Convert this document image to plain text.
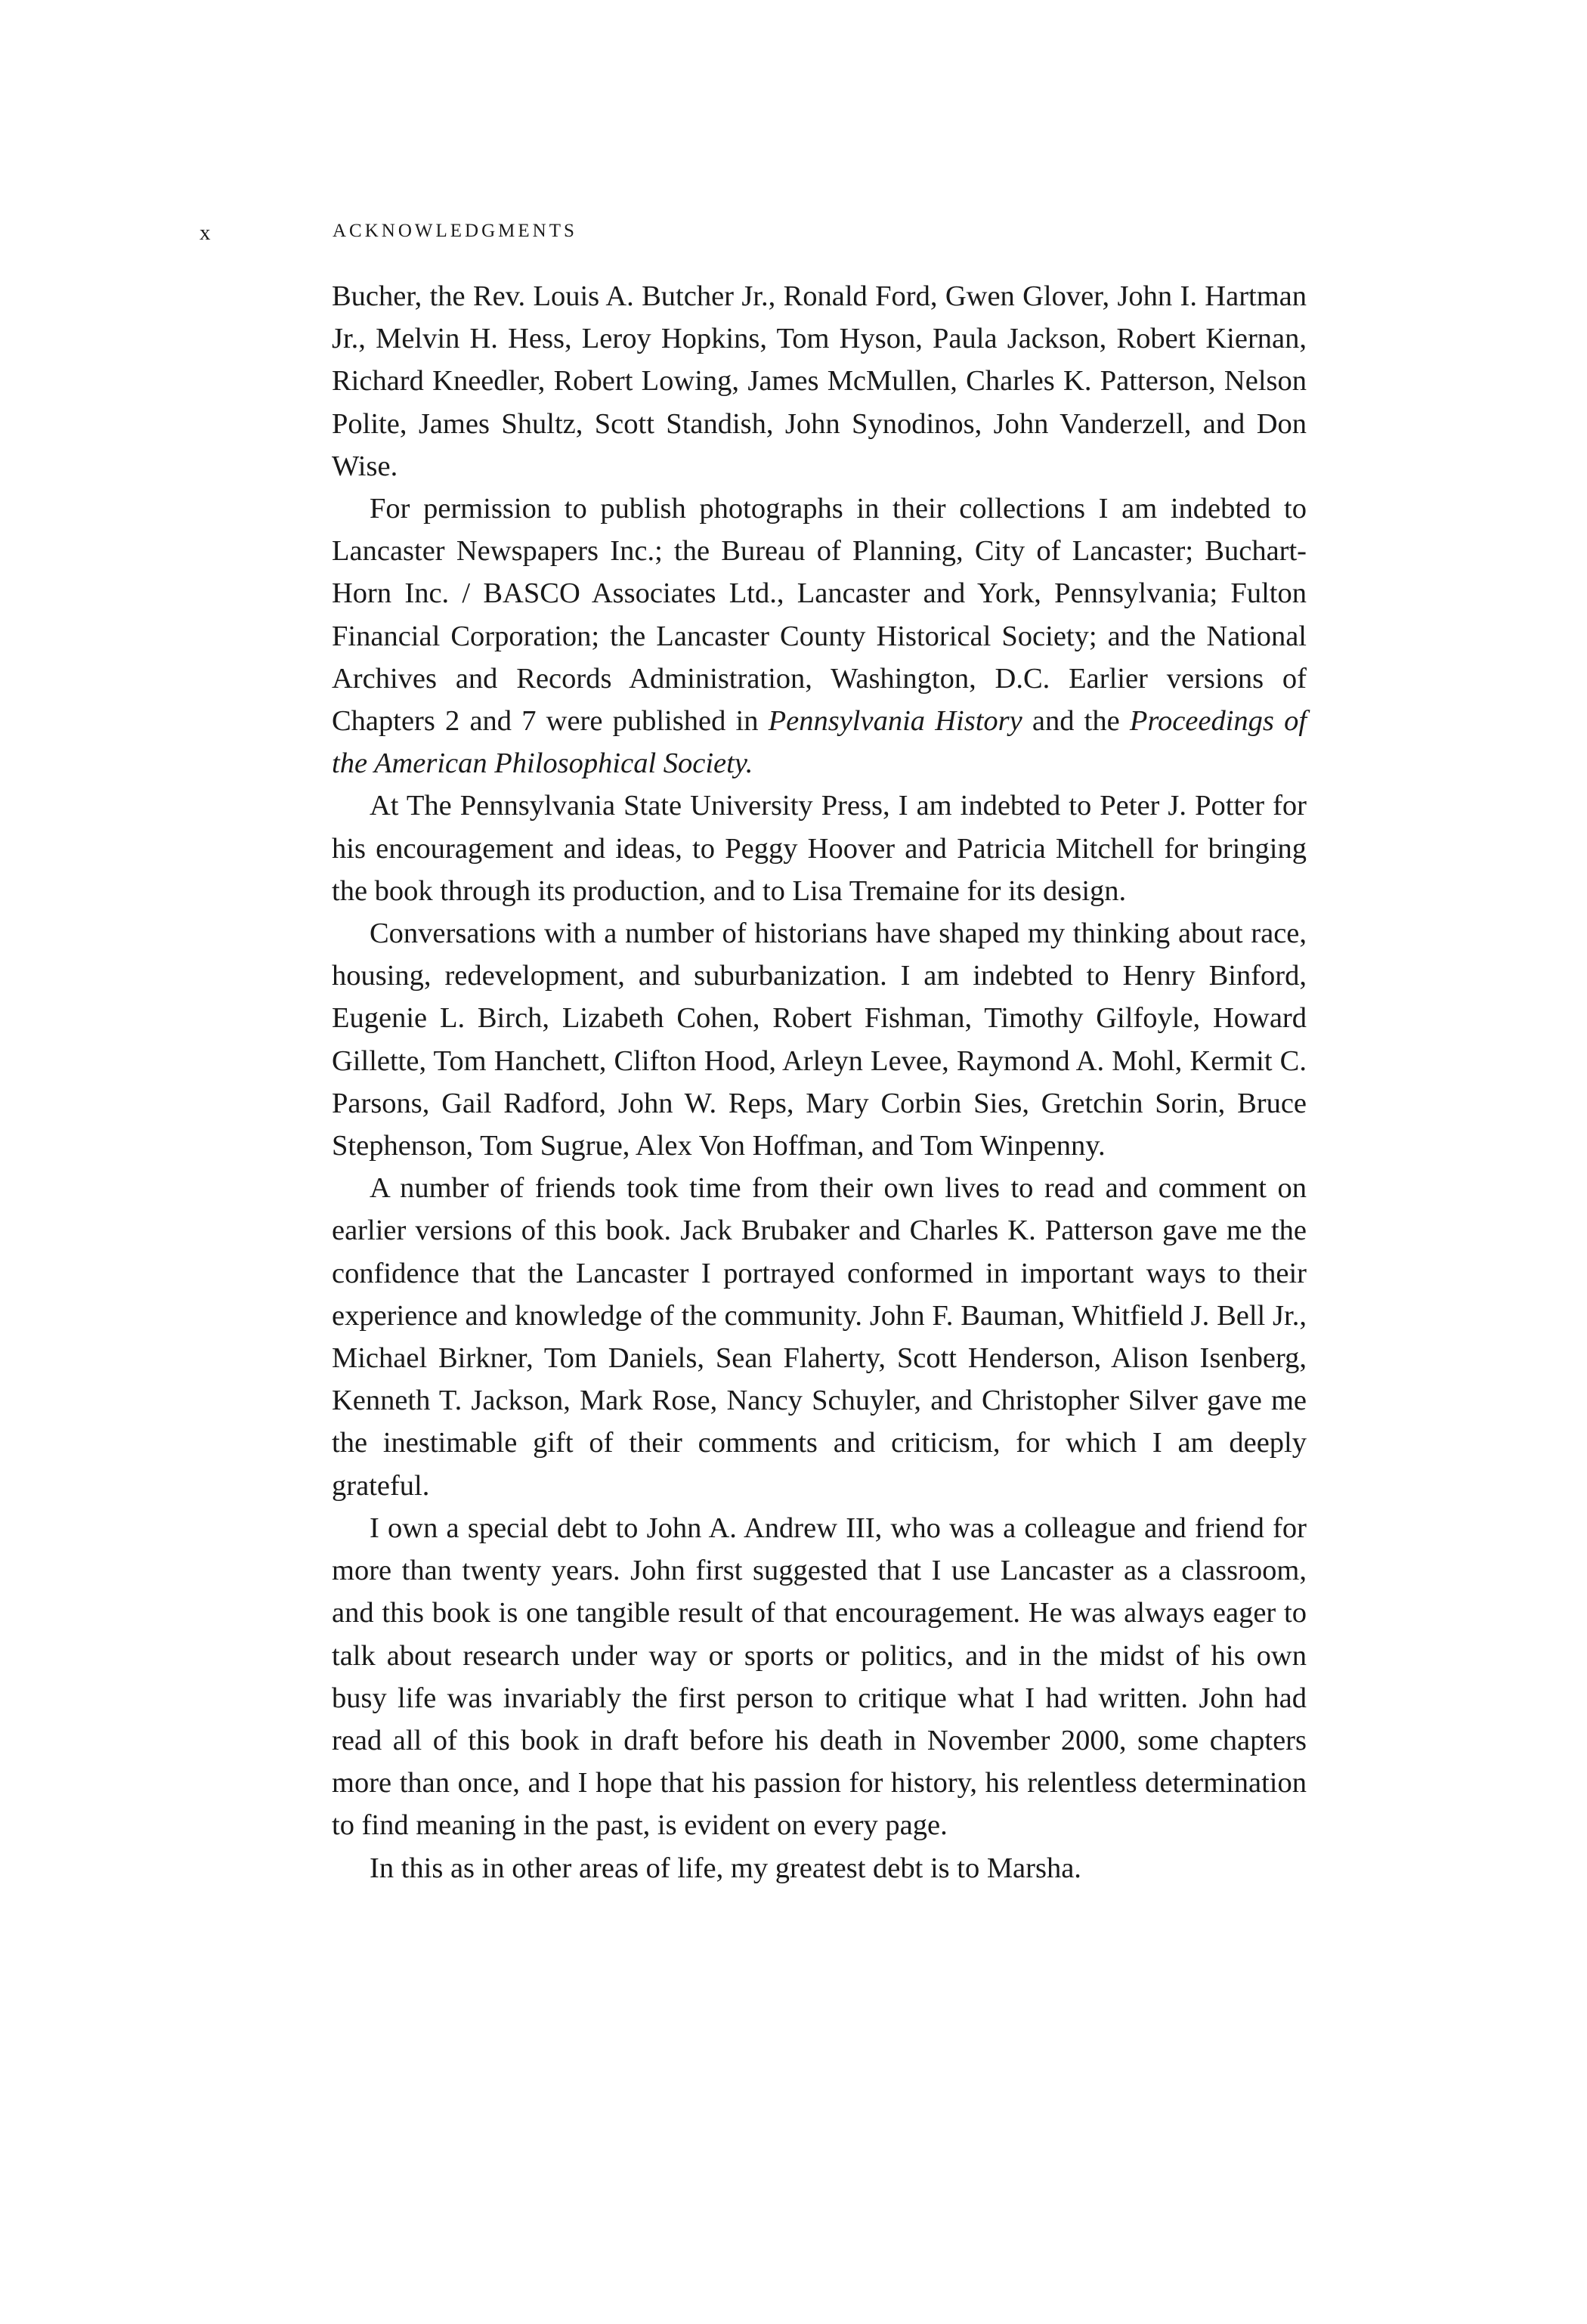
x	ACKNOWLEDGMENTS

Bucher, the Rev. Louis A. Butcher Jr., Ronald Ford, Gwen Glover, John I. Hartman Jr., Melvin H. Hess, Leroy Hopkins, Tom Hyson, Paula Jackson, Robert Kiernan, Richard Kneedler, Robert Lowing, James McMullen, Charles K. Patterson, Nelson Polite, James Shultz, Scott Standish, John Synodinos, John Vanderzell, and Don Wise.

For permission to publish photographs in their collections I am indebted to Lancaster Newspapers Inc.; the Bureau of Planning, City of Lancaster; Buchart-Horn Inc. / BASCO Associates Ltd., Lancaster and York, Pennsylvania; Fulton Financial Corporation; the Lancaster County Historical Society; and the National Archives and Records Administration, Washington, D.C. Earlier versions of Chapters 2 and 7 were published in Pennsylvania History and the Proceedings of the American Philosophical Society.

At The Pennsylvania State University Press, I am indebted to Peter J. Potter for his encouragement and ideas, to Peggy Hoover and Patricia Mitchell for bringing the book through its production, and to Lisa Tremaine for its design.

Conversations with a number of historians have shaped my thinking about race, housing, redevelopment, and suburbanization. I am indebted to Henry Binford, Eugenie L. Birch, Lizabeth Cohen, Robert Fishman, Timothy Gilfoyle, Howard Gillette, Tom Hanchett, Clifton Hood, Arleyn Levee, Raymond A. Mohl, Kermit C. Parsons, Gail Radford, John W. Reps, Mary Corbin Sies, Gretchin Sorin, Bruce Stephenson, Tom Sugrue, Alex Von Hoffman, and Tom Winpenny.

A number of friends took time from their own lives to read and comment on earlier versions of this book. Jack Brubaker and Charles K. Patterson gave me the confidence that the Lancaster I portrayed conformed in important ways to their experience and knowledge of the community. John F. Bauman, Whitfield J. Bell Jr., Michael Birkner, Tom Daniels, Sean Flaherty, Scott Henderson, Alison Isenberg, Kenneth T. Jackson, Mark Rose, Nancy Schuyler, and Christopher Silver gave me the inestimable gift of their comments and criticism, for which I am deeply grateful.

I own a special debt to John A. Andrew III, who was a colleague and friend for more than twenty years. John first suggested that I use Lancaster as a classroom, and this book is one tangible result of that encouragement. He was always eager to talk about research under way or sports or politics, and in the midst of his own busy life was invariably the first person to critique what I had written. John had read all of this book in draft before his death in November 2000, some chapters more than once, and I hope that his passion for history, his relentless determination to find meaning in the past, is evident on every page.

In this as in other areas of life, my greatest debt is to Marsha.
